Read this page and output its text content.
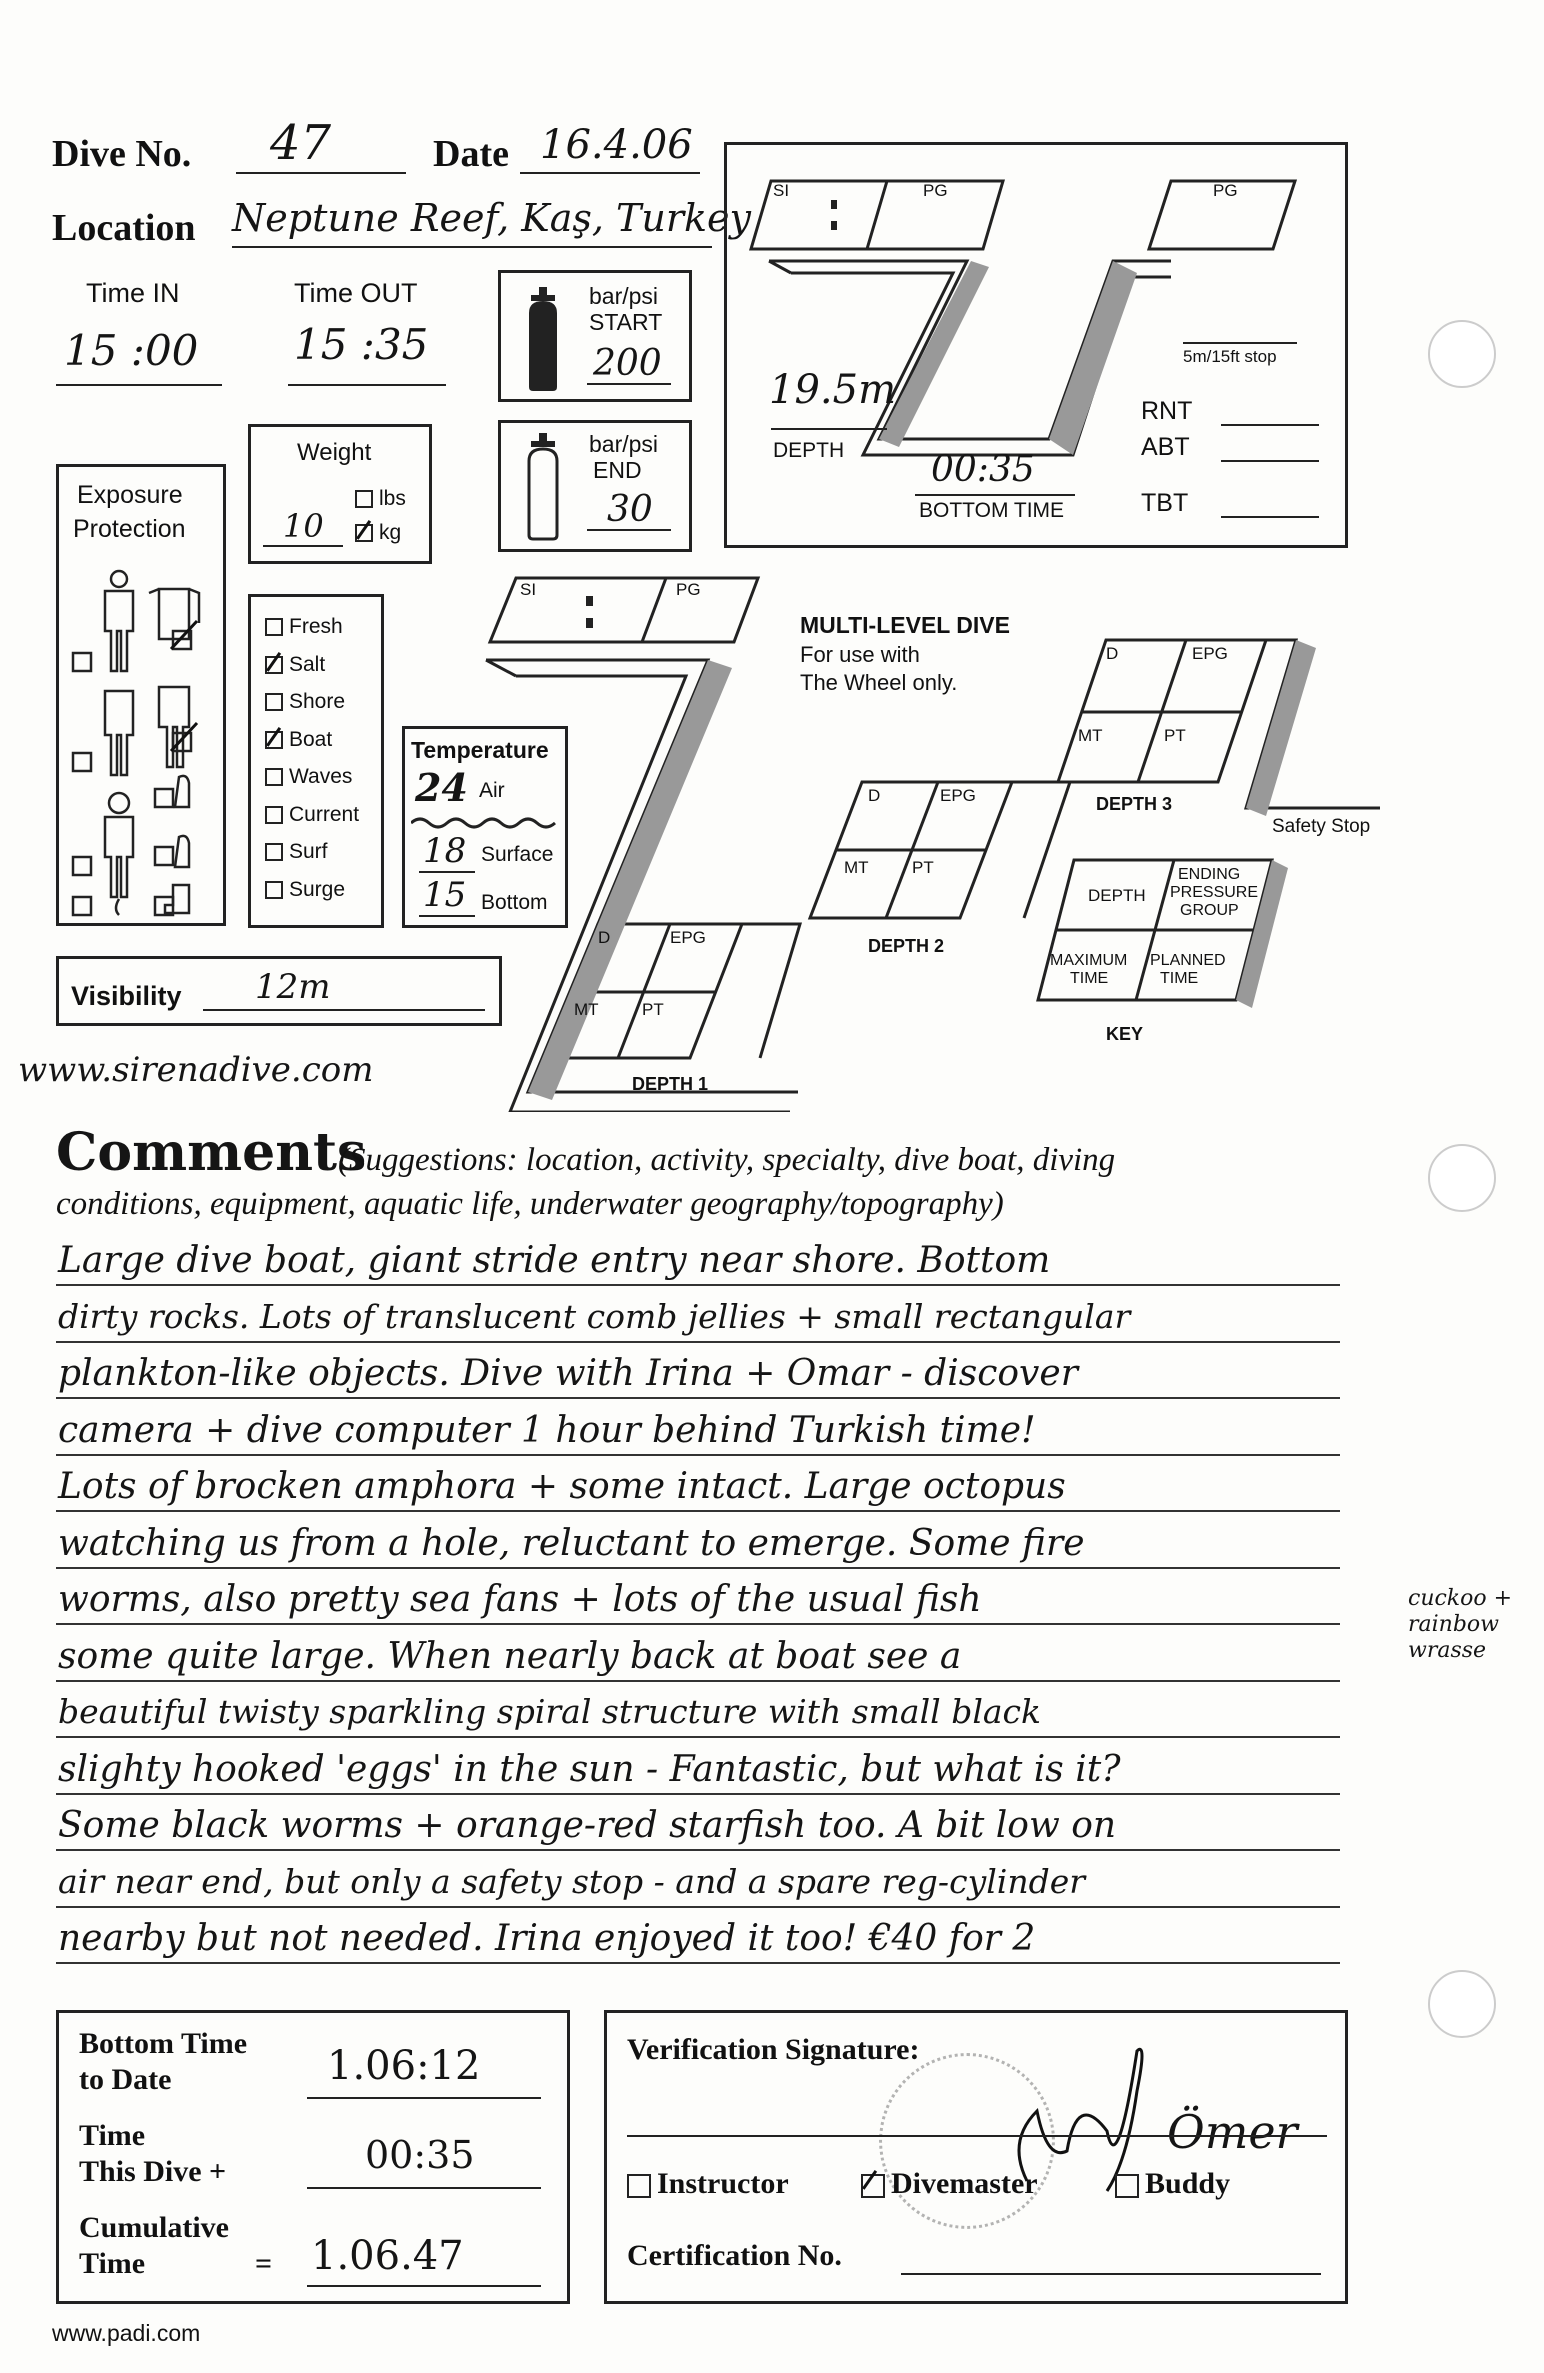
Dive No. 47	Date 16.4.06
Location Neptune Reef, Kaş, Turkey
Time IN
15 :00
Time OUT
15 :35
bar/psi
START
200
bar/psi
END
30
Weight
10
lbs
kg
Exposure
Protection
Fresh
Salt
Shore
Boat
Waves
Current
Surf
Surge
Temperature
24 Air
18 Surface
15 Bottom
Visibility 12m
www.sirenadive.com
SI	PG	PG
5m/15ft stop
19.5m
DEPTH 00:35
BOTTOM TIME
RNT
ABT
TBT
SI	PG
MULTI-LEVEL DIVE
For use with
The Wheel only.
D	EPG
MT	PT
DEPTH 1
D	EPG
MT	PT
DEPTH 2
D	EPG
MT	PT
DEPTH 3
Safety Stop
DEPTH
ENDING
PRESSURE
GROUP
MAXIMUM
TIME
PLANNED
TIME
KEY
Comments
(Suggestions: location, activity, specialty, dive boat, diving
conditions, equipment, aquatic life, underwater geography/topography)
Large dive boat, giant stride entry near shore. Bottom
dirty rocks. Lots of translucent comb jellies + small rectangular
plankton-like objects. Dive with Irina + Omar - discover
camera + dive computer 1 hour behind Turkish time!
Lots of brocken amphora + some intact. Large octopus
watching us from a hole, reluctant to emerge. Some fire
worms, also pretty sea fans + lots of the usual fish
some quite large. When nearly back at boat see a
beautiful twisty sparkling spiral structure with small black
slighty hooked 'eggs' in the sun - Fantastic, but what is it?
Some black worms + orange-red starfish too. A bit low on
air near end, but only a safety stop - and a spare reg-cylinder
nearby but not needed. Irina enjoyed it too! €40 for 2
cuckoo +
rainbow
wrasse
Bottom Time
to Date	1.06:12
Time
This Dive +	00:35
Cumulative
Time	= 1.06.47
Verification Signature:
Ömer
Instructor	Divemaster	Buddy
Certification No.
www.padi.com
